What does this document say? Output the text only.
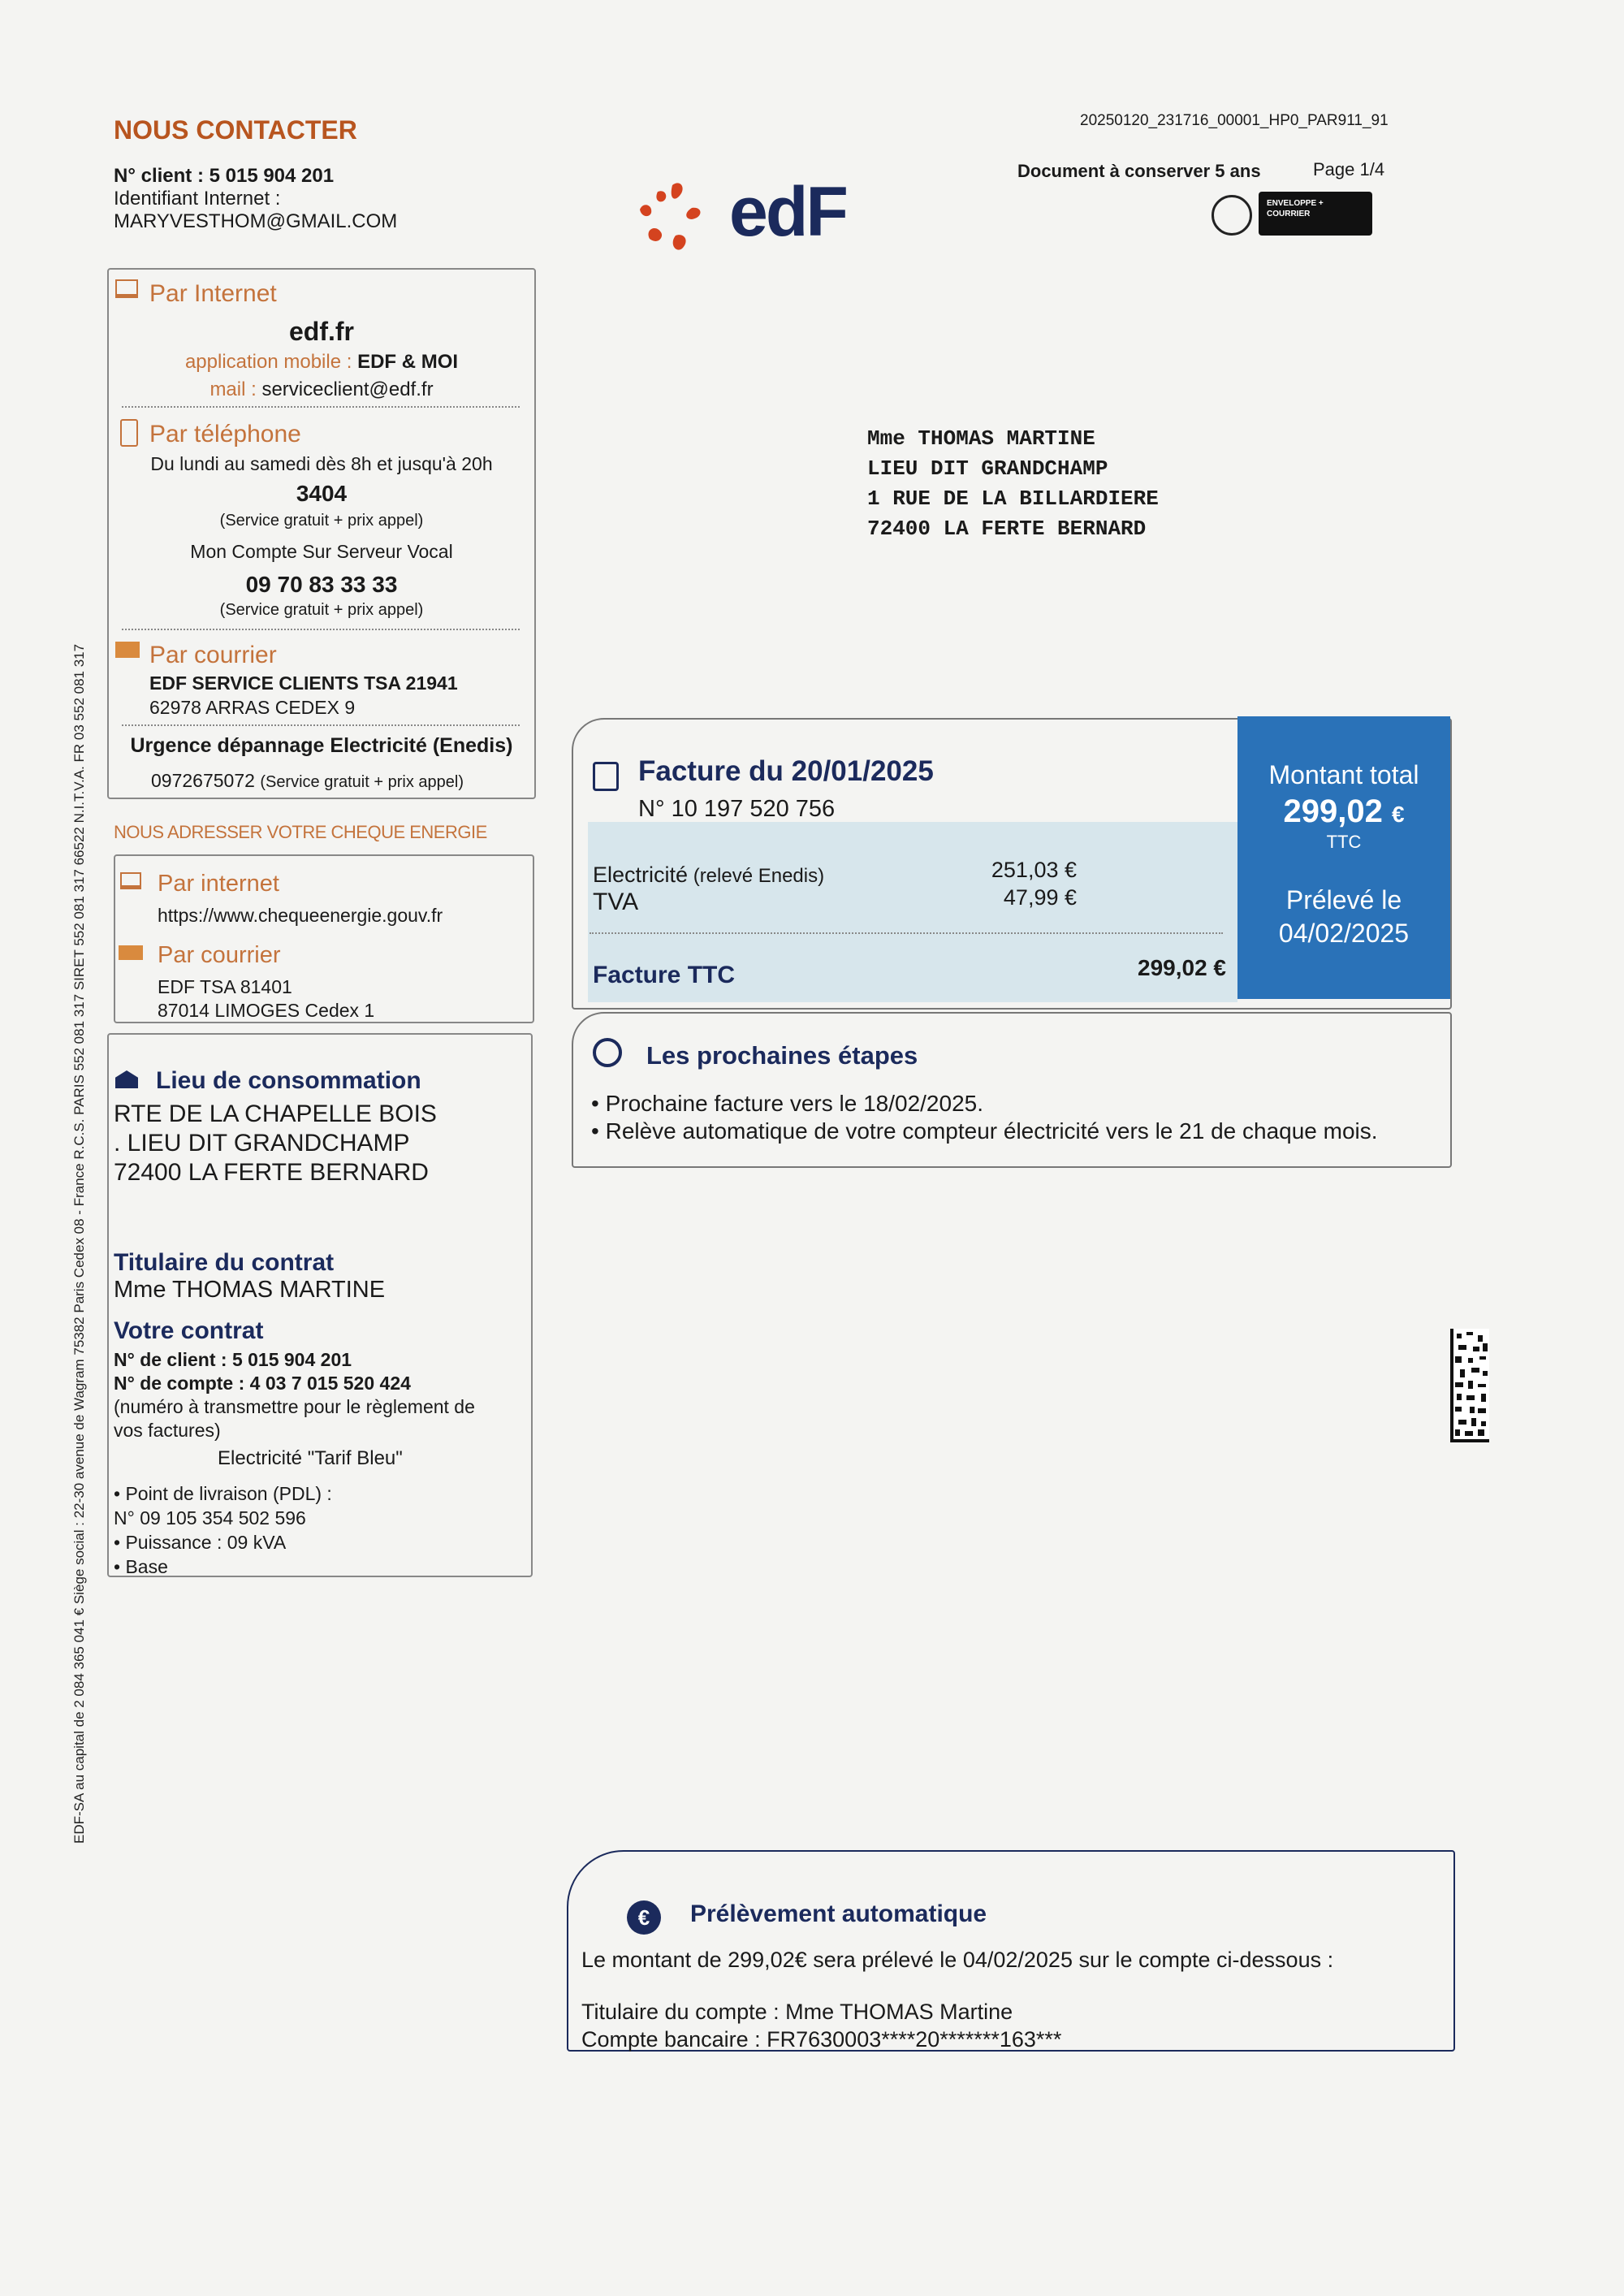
EDF-SA au capital de 2 084 365 041 € Siège social : 22-30 avenue de Wagram 75382 Paris Cedex 08 - France R.C.S. PARIS 552 081 317 SIRET 552 081 317 66522 N.I.T.V.A. FR 03 552 081 317
NOUS CONTACTER
N° client : 5 015 904 201
Identifiant Internet :
MARYVESTHOM@GMAIL.COM	edF
20250120_231716_00001_HP0_PAR911_91
Document à conserver 5 ans	Page 1/4
ENVELOPPE + COURRIER
Par Internet
edf.fr
application mobile : EDF & MOI
mail : serviceclient@edf.fr
Par téléphone
Du lundi au samedi dès 8h et jusqu'à 20h
3404
(Service gratuit + prix appel)
Mon Compte Sur Serveur Vocal
09 70 83 33 33
(Service gratuit + prix appel)
Par courrier
EDF SERVICE CLIENTS TSA 21941
62978 ARRAS CEDEX 9
Urgence dépannage Electricité (Enedis)
0972675072 (Service gratuit + prix appel)
NOUS ADRESSER VOTRE CHEQUE ENERGIE
Par internet
https://www.chequeenergie.gouv.fr
Par courrier
EDF TSA 81401
87014 LIMOGES Cedex 1
Lieu de consommation
RTE DE LA CHAPELLE BOIS
. LIEU DIT GRANDCHAMP
72400 LA FERTE BERNARD
Titulaire du contrat
Mme THOMAS MARTINE
Votre contrat
N° de client : 5 015 904 201
N° de compte : 4 03 7 015 520 424
(numéro à transmettre pour le règlement de
vos factures)
Electricité "Tarif Bleu"
• Point de livraison (PDL) :
N° 09 105 354 502 596
• Puissance : 09 kVA
• Base
Mme THOMAS MARTINE
LIEU DIT GRANDCHAMP
1 RUE DE LA BILLARDIERE
72400 LA FERTE BERNARD
Facture du 20/01/2025
N° 10 197 520 756
Electricité (relevé Enedis)	251,03 €
TVA	47,99 €
Facture TTC	299,02 €
Montant total
299,02 €
TTC
Prélevé le
04/02/2025
Les prochaines étapes
• Prochaine facture vers le 18/02/2025.
• Relève automatique de votre compteur électricité vers le 21 de chaque mois.
€	Prélèvement automatique
Le montant de 299,02€ sera prélevé le 04/02/2025 sur le compte ci-dessous :
Titulaire du compte : Mme THOMAS Martine
Compte bancaire : FR7630003****20*******163***
